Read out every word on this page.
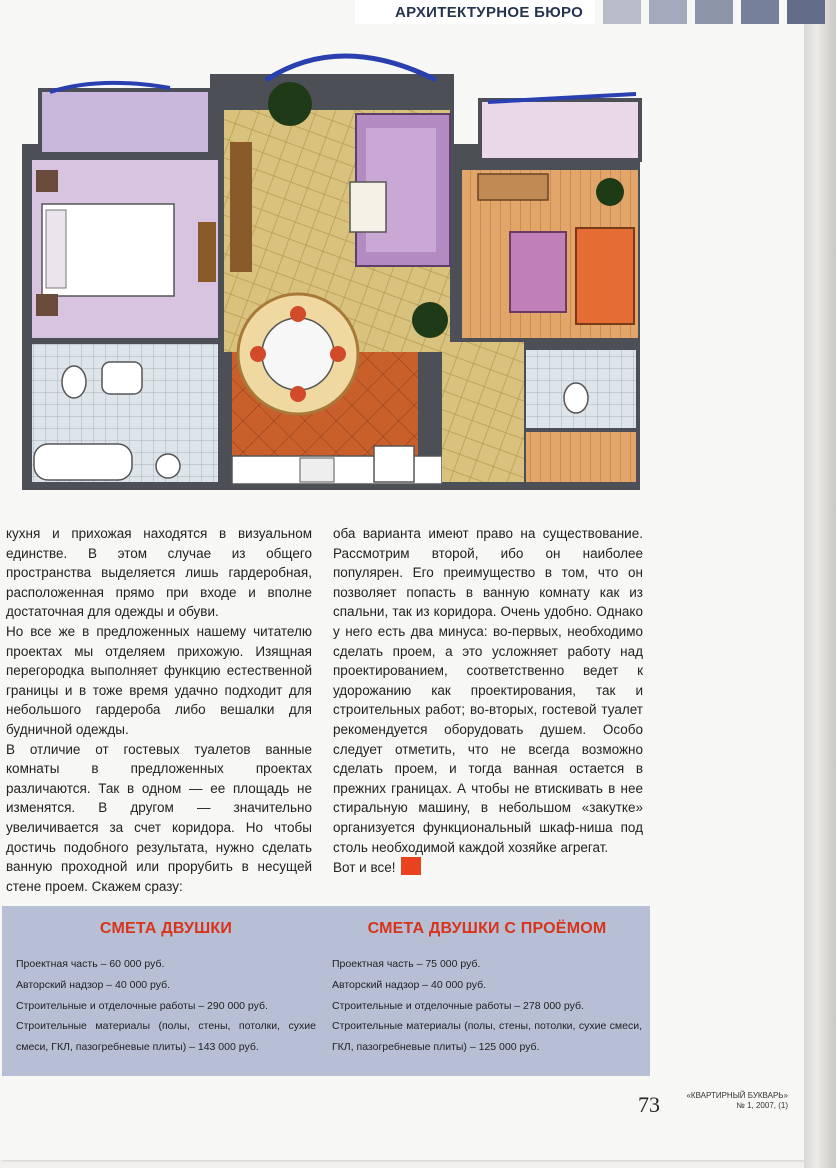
АРХИТЕКТУРНОЕ БЮРО

кухня и прихожая находятся в визуальном единстве. В этом случае из общего пространства выделяется лишь гардеробная, расположенная прямо при входе и вполне достаточная для одежды и обуви.

Но все же в предложенных нашему читателю проектах мы отделяем прихожую. Изящная перегородка выполняет функцию естественной границы и в тоже время удачно подходит для небольшого гардероба либо вешалки для будничной одежды.

В отличие от гостевых туалетов ванные комнаты в предложенных проектах различаются. Так в одном — ее площадь не изменятся. В другом — значительно увеличивается за счет коридора. Но чтобы достичь подобного результата, нужно сделать ванную проходной или прорубить в несущей стене проем. Скажем сразу:

оба варианта имеют право на существование. Рассмотрим второй, ибо он наиболее популярен. Его преимущество в том, что он позволяет попасть в ванную комнату как из спальни, так из коридора. Очень удобно. Однако у него есть два минуса: во-первых, необходимо сделать проем, а это усложняет работу над проектированием, соответственно ведет к удорожанию как проектирования, так и строительных работ; во-вторых, гостевой туалет рекомендуется оборудовать душем. Особо следует отметить, что не всегда возможно сделать проем, и тогда ванная остается в прежних границах. А чтобы не втискивать в нее стиральную машину, в небольшом «закутке» организуется функциональный шкаф-ниша под столь необходимой каждой хозяйке агрегат.

Вот и все!

СМЕТА ДВУШКИ
Проектная часть – 60 000 руб.
Авторский надзор – 40 000 руб.
Строительные и отделочные работы – 290 000 руб.
Строительные материалы (полы, стены, потолки, сухие смеси, ГКЛ, пазогребневые плиты) – 143 000 руб.
СМЕТА ДВУШКИ С ПРОЁМОМ
Проектная часть – 75 000 руб.
Авторский надзор – 40 000 руб.
Строительные и отделочные работы – 278 000 руб.
Строительные материалы (полы, стены, потолки, сухие смеси, ГКЛ, пазогребневые плиты) – 125 000 руб.
73	«КВАРТИРНЫЙ БУКВАРЬ»
№ 1, 2007, (1)
